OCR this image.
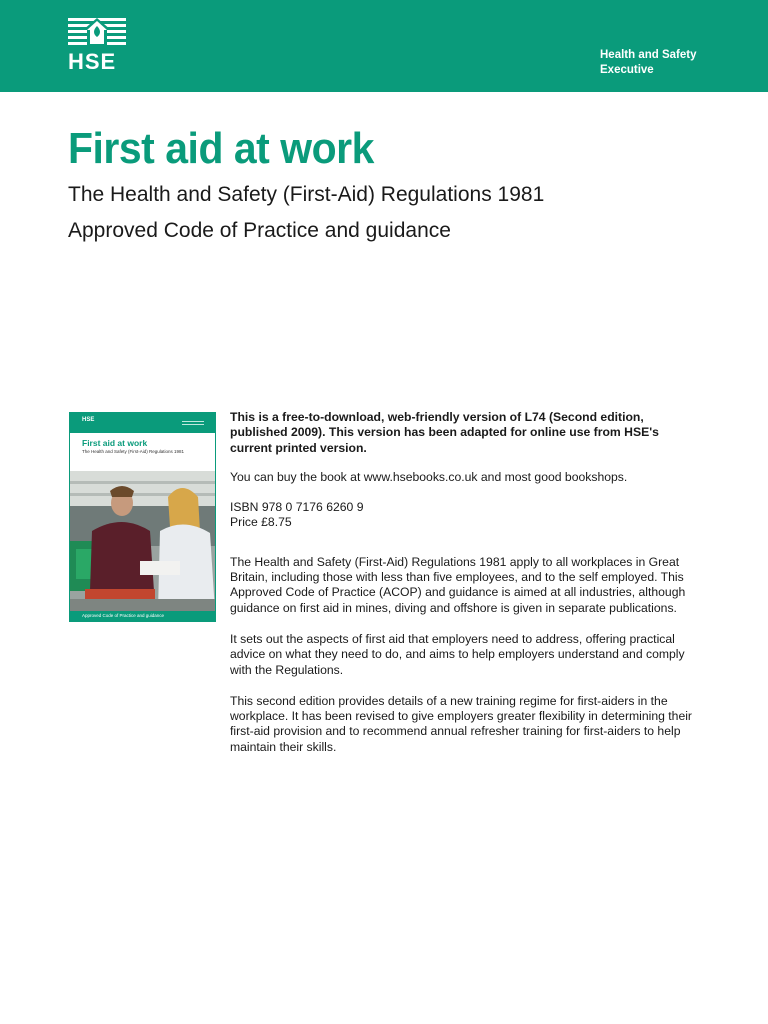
HSE	Health and Safety
Executive
First aid at work
The Health and Safety (First-Aid) Regulations 1981
Approved Code of Practice and guidance
HSE
First aid at work
The Health and Safety (First-Aid) Regulations 1981
Approved Code of Practice and guidance

This is a free-to-download, web-friendly version of L74 (Second edition, published 2009). This version has been adapted for online use from HSE's current printed version.

You can buy the book at www.hsebooks.co.uk and most good bookshops.

ISBN 978 0 7176 6260 9

Price £8.75

The Health and Safety (First-Aid) Regulations 1981 apply to all workplaces in Great Britain, including those with less than five employees, and to the self employed. This Approved Code of Practice (ACOP) and guidance is aimed at all industries, although guidance on first aid in mines, diving and offshore is given in separate publications.

It sets out the aspects of first aid that employers need to address, offering practical advice on what they need to do, and aims to help employers understand and comply with the Regulations.

This second edition provides details of a new training regime for first-aiders in the workplace. It has been revised to give employers greater flexibility in determining their first-aid provision and to recommend annual refresher training for first-aiders to help maintain their skills.
